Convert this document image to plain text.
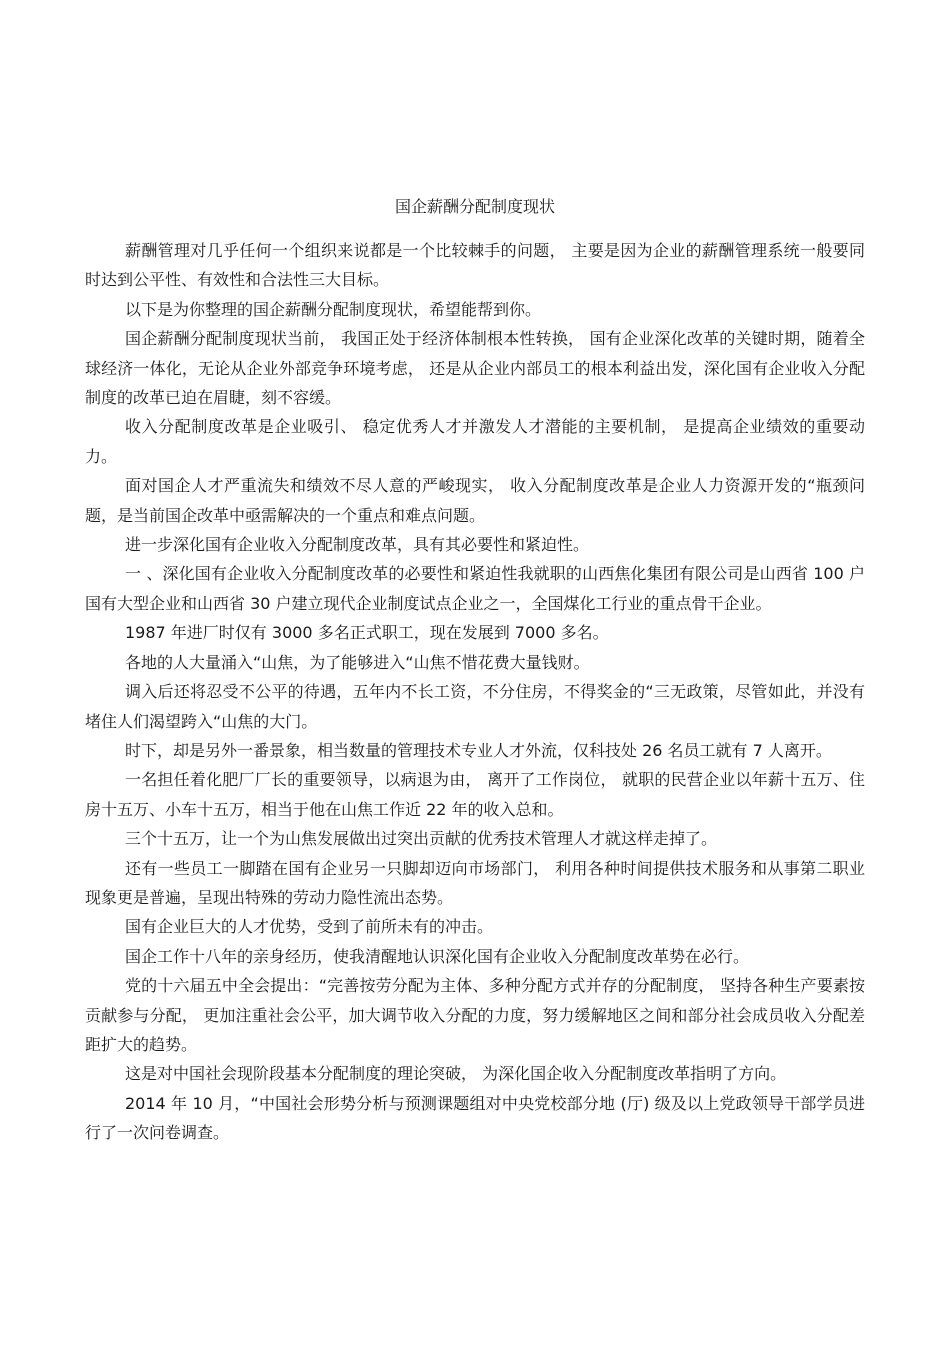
国企薪酬分配制度现状

薪酬管理对几乎任何一个组织来说都是一个比较棘手的问题， 主要是因为企业的薪酬管理系统一般要同时达到公平性、有效性和合法性三大目标。

以下是为你整理的国企薪酬分配制度现状，希望能帮到你。

国企薪酬分配制度现状当前， 我国正处于经济体制根本性转换， 国有企业深化改革的关键时期，随着全球经济一体化，无论从企业外部竞争环境考虑， 还是从企业内部员工的根本利益出发，深化国有企业收入分配制度的改革已迫在眉睫，刻不容缓。

收入分配制度改革是企业吸引、 稳定优秀人才并激发人才潜能的主要机制， 是提高企业绩效的重要动力。

面对国企人才严重流失和绩效不尽人意的严峻现实， 收入分配制度改革是企业人力资源开发的“瓶颈问题，是当前国企改革中亟需解决的一个重点和难点问题。

进一步深化国有企业收入分配制度改革，具有其必要性和紧迫性。

一 、深化国有企业收入分配制度改革的必要性和紧迫性我就职的山西焦化集团有限公司是山西省 100 户国有大型企业和山西省 30 户建立现代企业制度试点企业之一，全国煤化工行业的重点骨干企业。

1987 年进厂时仅有 3000 多名正式职工，现在发展到 7000 多名。

各地的人大量涌入“山焦，为了能够进入“山焦不惜花费大量钱财。

调入后还将忍受不公平的待遇，五年内不长工资，不分住房，不得奖金的“三无政策，尽管如此，并没有堵住人们渴望跨入“山焦的大门。

时下，却是另外一番景象，相当数量的管理技术专业人才外流，仅科技处 26 名员工就有 7 人离开。

一名担任着化肥厂厂长的重要领导，以病退为由， 离开了工作岗位， 就职的民营企业以年薪十五万、住房十五万、小车十五万，相当于他在山焦工作近 22 年的收入总和。

三个十五万，让一个为山焦发展做出过突出贡献的优秀技术管理人才就这样走掉了。

还有一些员工一脚踏在国有企业另一只脚却迈向市场部门， 利用各种时间提供技术服务和从事第二职业现象更是普遍，呈现出特殊的劳动力隐性流出态势。

国有企业巨大的人才优势，受到了前所未有的冲击。

国企工作十八年的亲身经历，使我清醒地认识深化国有企业收入分配制度改革势在必行。

党的十六届五中全会提出：“完善按劳分配为主体、多种分配方式并存的分配制度， 坚持各种生产要素按贡献参与分配， 更加注重社会公平，加大调节收入分配的力度，努力缓解地区之间和部分社会成员收入分配差距扩大的趋势。

这是对中国社会现阶段基本分配制度的理论突破， 为深化国企收入分配制度改革指明了方向。

2014 年 10 月，“中国社会形势分析与预测课题组对中央党校部分地 (厅) 级及以上党政领导干部学员进行了一次问卷调查。
